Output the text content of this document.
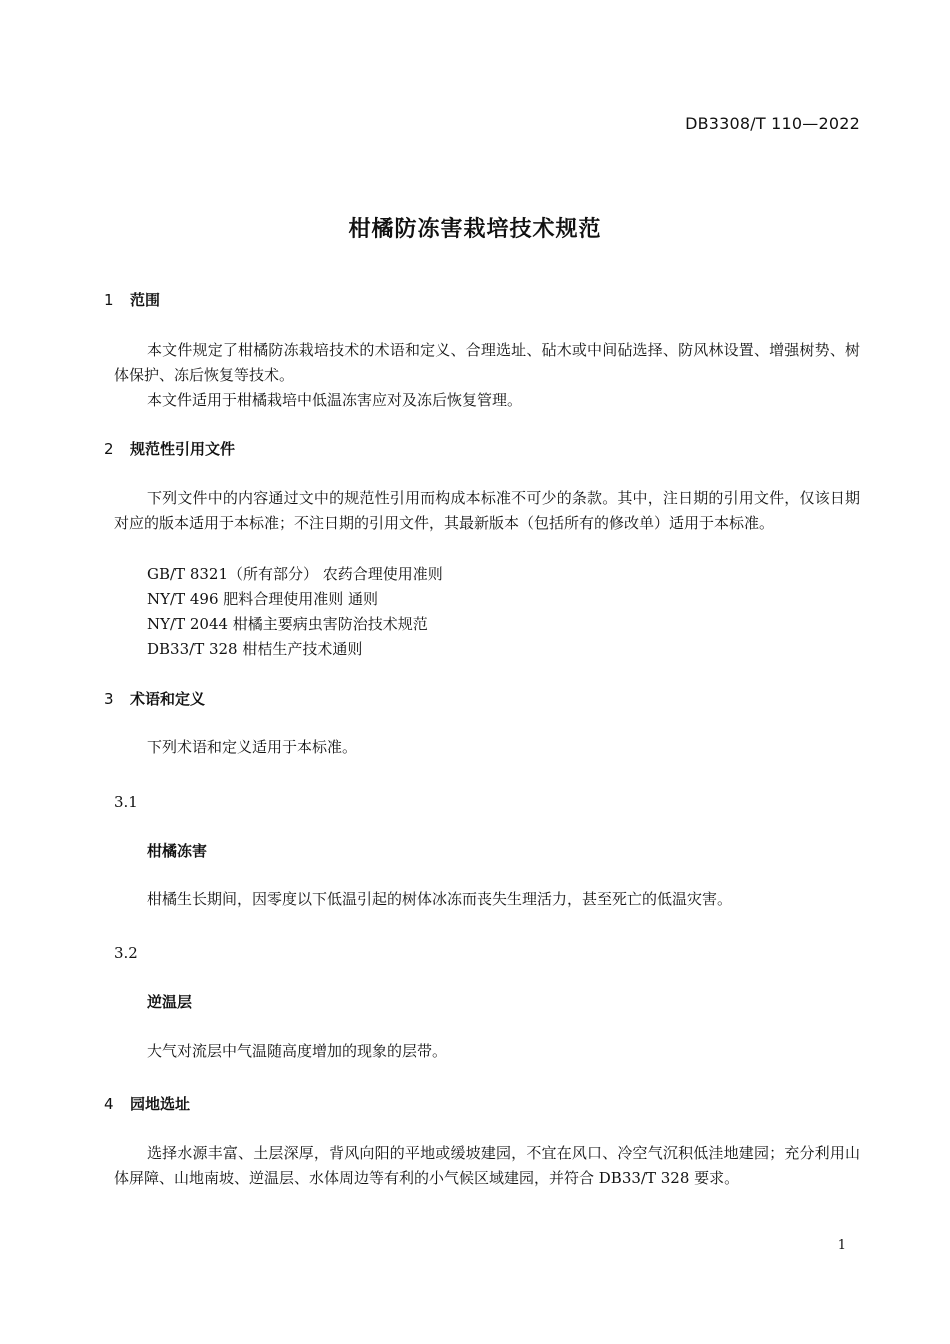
DB3308/T 110—2022
柑橘防冻害栽培技术规范
1 范围
本文件规定了柑橘防冻栽培技术的术语和定义、合理选址、砧木或中间砧选择、防风林设置、增强树势、树体保护、冻后恢复等技术。
本文件适用于柑橘栽培中低温冻害应对及冻后恢复管理。
2 规范性引用文件
下列文件中的内容通过文中的规范性引用而构成本标准不可少的条款。其中，注日期的引用文件，仅该日期对应的版本适用于本标准；不注日期的引用文件，其最新版本（包括所有的修改单）适用于本标准。
GB/T 8321（所有部分） 农药合理使用准则
NY/T 496 肥料合理使用准则 通则
NY/T 2044 柑橘主要病虫害防治技术规范
DB33/T 328 柑桔生产技术通则
3 术语和定义
下列术语和定义适用于本标准。
3.1
柑橘冻害
柑橘生长期间，因零度以下低温引起的树体冰冻而丧失生理活力，甚至死亡的低温灾害。
3.2
逆温层
大气对流层中气温随高度增加的现象的层带。
4 园地选址
选择水源丰富、土层深厚，背风向阳的平地或缓坡建园，不宜在风口、冷空气沉积低洼地建园；充分利用山体屏障、山地南坡、逆温层、水体周边等有利的小气候区域建园，并符合 DB33/T 328 要求。
1
